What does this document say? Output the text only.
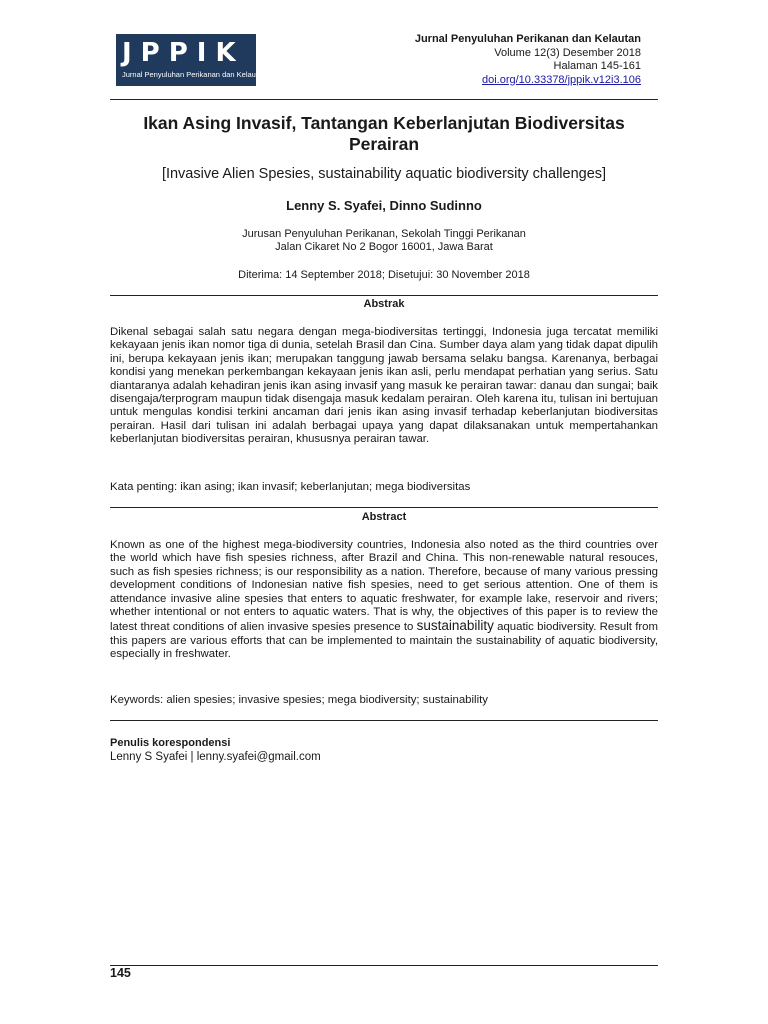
JPPIK
Jurnal Penyuluhan Perikanan dan Kelautan
Jurnal Penyuluhan Perikanan dan Kelautan
Volume 12(3) Desember 2018
Halaman 145-161
doi.org/10.33378/jppik.v12i3.106
Ikan Asing Invasif, Tantangan Keberlanjutan Biodiversitas Perairan
[Invasive Alien Spesies, sustainability aquatic biodiversity challenges]
Lenny S. Syafei, Dinno Sudinno
Jurusan Penyuluhan Perikanan, Sekolah Tinggi Perikanan
Jalan Cikaret No 2 Bogor 16001, Jawa Barat
Diterima: 14 September 2018; Disetujui: 30 November 2018
Abstrak
Dikenal sebagai salah satu negara dengan mega-biodiversitas tertinggi, Indonesia juga tercatat memiliki kekayaan jenis ikan nomor tiga di dunia, setelah Brasil dan Cina. Sumber daya alam yang tidak dapat dipulih ini, berupa kekayaan jenis ikan; merupakan tanggung jawab bersama selaku bangsa. Karenanya, berbagai kondisi yang menekan perkembangan kekayaan jenis ikan asli, perlu mendapat perhatian yang serius. Satu diantaranya adalah kehadiran jenis ikan asing invasif yang masuk ke perairan tawar: danau dan sungai; baik disengaja/terprogram maupun tidak disengaja masuk kedalam perairan. Oleh karena itu, tulisan ini bertujuan untuk mengulas kondisi terkini ancaman dari jenis ikan asing invasif terhadap keberlanjutan biodiversitas perairan. Hasil dari tulisan ini adalah berbagai upaya yang dapat dilaksanakan untuk mempertahankan keberlanjutan biodiversitas perairan, khususnya perairan tawar.
Kata penting: ikan asing; ikan invasif; keberlanjutan; mega biodiversitas
Abstract
Known as one of the highest mega-biodiversity countries, Indonesia also noted as the third countries over the world which have fish spesies richness, after Brazil and China. This non-renewable natural resouces, such as fish spesies richness; is our responsibility as a nation. Therefore, because of many various pressing development conditions of Indonesian native fish spesies, need to get serious attention. One of them is attendance invasive aline spesies that enters to aquatic freshwater, for example lake, reservoir and rivers; whether intentional or not enters to aquatic waters. That is why, the objectives of this paper is to review the latest threat conditions of alien invasive spesies presence to sustainability aquatic biodiversity. Result from this papers are various efforts that can be implemented to maintain the sustainability of aquatic biodiversity, especially in freshwater.
Keywords: alien spesies; invasive spesies; mega biodiversity; sustainability
Penulis korespondensi
Lenny S Syafei | lenny.syafei@gmail.com
145
